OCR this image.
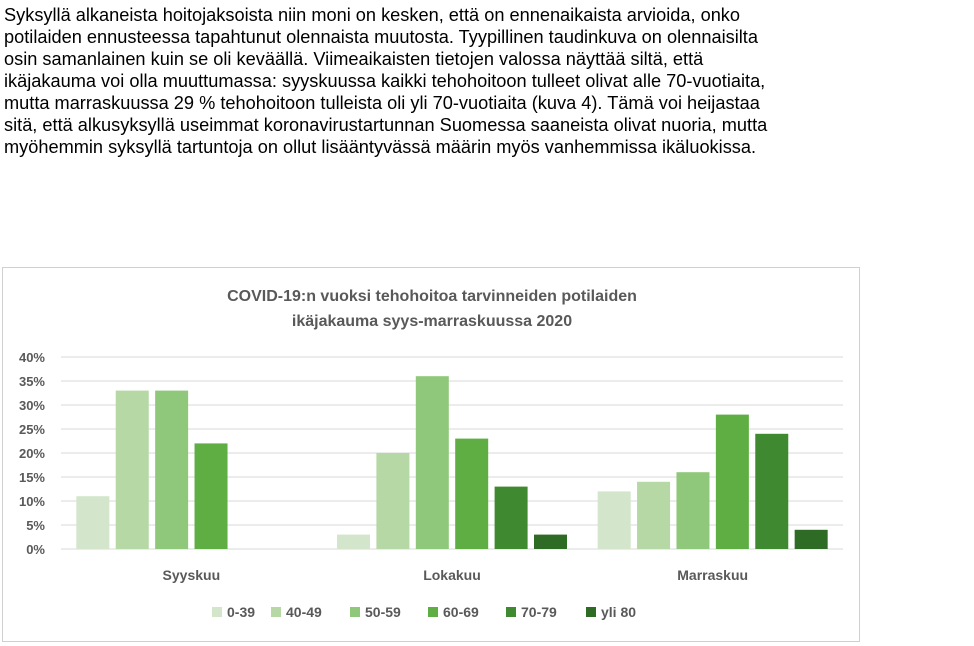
Syksyllä alkaneista hoitojaksoista niin moni on kesken, että on ennenaikaista arvioida, onko
potilaiden ennusteessa tapahtunut olennaista muutosta. Tyypillinen taudinkuva on olennaisilta
osin samanlainen kuin se oli keväällä. Viimeaikaisten tietojen valossa näyttää siltä, että
ikäjakauma voi olla muuttumassa: syyskuussa kaikki tehohoitoon tulleet olivat alle 70-vuotiaita,
mutta marraskuussa 29 % tehohoitoon tulleista oli yli 70-vuotiaita (kuva 4). Tämä voi heijastaa
sitä, että alkusyksyllä useimmat koronavirustartunnan Suomessa saaneista olivat nuoria, mutta
myöhemmin syksyllä tartuntoja on ollut lisääntyvässä määrin myös vanhemmissa ikäluokissa.
COVID-19:n vuoksi tehohoitoa tarvinneiden potilaiden
ikäjakauma syys-marraskuussa 2020
0%
5%
10%
15%
20%
25%
30%
35%
40%
Syyskuu	Lokakuu	Marraskuu
0-39 40-49	50-59	60-69	70-79	yli 80
